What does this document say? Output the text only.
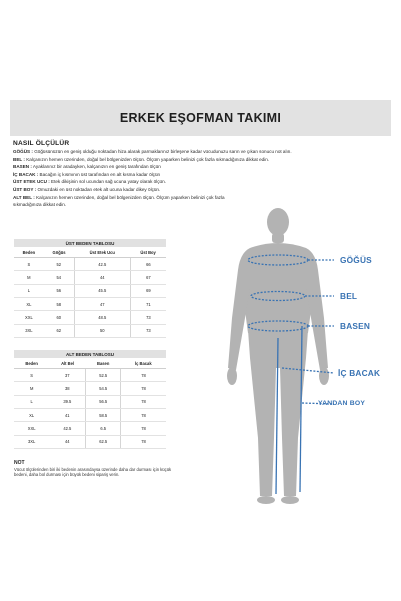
ERKEK EŞOFMAN TAKIMI
NASIL ÖLÇÜLÜR
GÖĞÜS : Göğüsünüzün en geniş olduğu noktadan hiza alarak parmaklarınız birleşene kadar vücudunuzu sarın ve çıkan sonucu not alın.
BEL : Kalçanızın hemen üzerinden, doğal bel bölgenizden ölçün. Ölçüm yaparken belinizi çok fazla sıkmadığınıza dikkat edin.
BASEN : Ayaklarınız bir aradayken, kalçanızın en geniş tarafından ölçün
İÇ BACAK : Bacağın iç kısmının üst tarafından en alt kısma kadar ölçün
ÜST ETEK UCU : Etek dikişinin sol ucundan sağ ucuna yatay olarak ölçün.
ÜST BOY : Omuzdaki en üst noktadan etek alt ucuna kadar dikey ölçün.
ALT BEL : Kalçanızın hemen üzerinden, doğal bel bölgenizden ölçün. Ölçüm yaparken belinizi çok fazla sıkmadığınıza dikkat edin.
ÜST BEDEN TABLOSU
Beden	Göğüs	Üst Etek Ucu	Üst Boy
S	52	42.5	66
M	54	44	67
L	56	45.5	69
XL	58	47	71
XXL	60	48.5	73
3XL	62	50	73
ALT BEDEN TABLOSU
Beden	Alt Bel	Basen	İç Bacak
S	37	52.5	78
M	38	54.5	78
L	39.5	56.5	78
XL	41	58.5	78
XXL	42.5	6.5	78
3XL	44	62.5	78
NOT
Vücut ölçülerinden biri iki bedenin arasındaysa üzerinde daha dar durması için küçük bedeni, daha bol durması için büyük bedeni sipariş verin.
GÖĞÜS
BEL
BASEN
İÇ BACAK
YANDAN BOY
